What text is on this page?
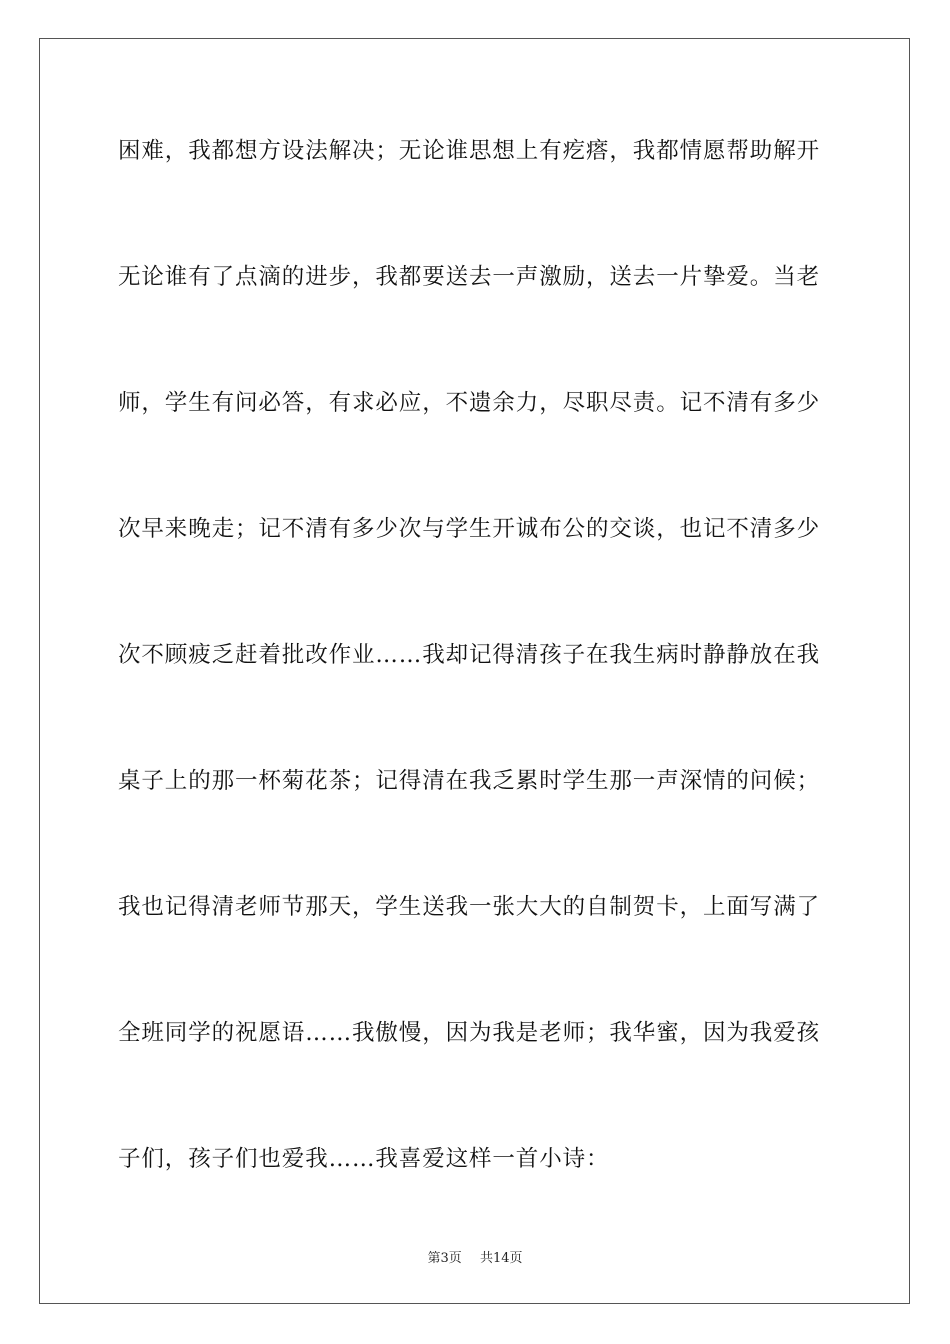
困难，我都想方设法解决；无论谁思想上有疙瘩，我都情愿帮助解开
无论谁有了点滴的进步，我都要送去一声激励，送去一片挚爱。当老
师，学生有问必答，有求必应，不遗余力，尽职尽责。记不清有多少
次早来晚走；记不清有多少次与学生开诚布公的交谈，也记不清多少
次不顾疲乏赶着批改作业……我却记得清孩子在我生病时静静放在我
桌子上的那一杯菊花茶；记得清在我乏累时学生那一声深情的问候；
我也记得清老师节那天，学生送我一张大大的自制贺卡，上面写满了
全班同学的祝愿语……我傲慢，因为我是老师；我华蜜，因为我爱孩
子们，孩子们也爱我……我喜爱这样一首小诗：
第3页 共14页
